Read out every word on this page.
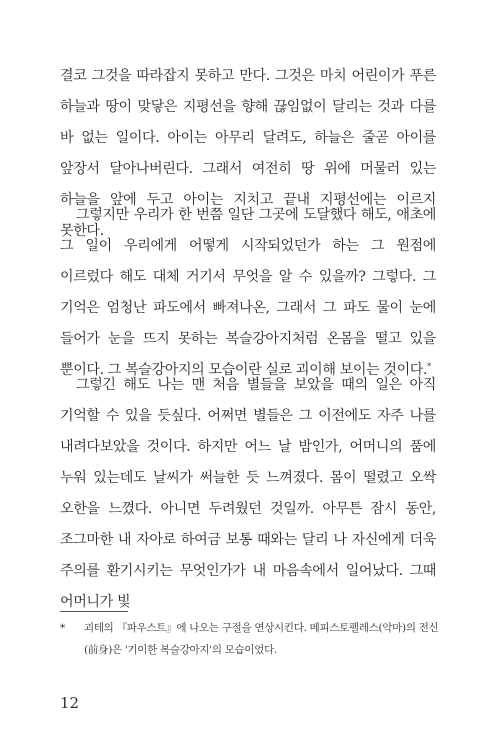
결코 그것을 따라잡지 못하고 만다. 그것은 마치 어린이가 푸른 하늘과 땅이 맞닿은 지평선을 향해 끊임없이 달리는 것과 다를 바 없는 일이다. 아이는 아무리 달려도, 하늘은 줄곧 아이를 앞장서 달아나버린다. 그래서 여전히 땅 위에 머물러 있는 하늘을 앞에 두고 아이는 지치고 끝내 지평선에는 이르지 못한다.

그렇지만 우리가 한 번쯤 일단 그곳에 도달했다 해도, 애초에 그 일이 우리에게 어떻게 시작되었던가 하는 그 원점에 이르렀다 해도 대체 거기서 무엇을 알 수 있을까? 그렇다. 그 기억은 엄청난 파도에서 빠져나온, 그래서 그 파도 물이 눈에 들어가 눈을 뜨지 못하는 복슬강아지처럼 온몸을 떨고 있을 뿐이다. 그 복슬강아지의 모습이란 실로 괴이해 보이는 것이다.*

그렇긴 해도 나는 맨 처음 별들을 보았을 때의 일은 아직 기억할 수 있을 듯싶다. 어쩌면 별들은 그 이전에도 자주 나를 내려다보았을 것이다. 하지만 어느 날 밤인가, 어머니의 품에 누워 있는데도 날씨가 써늘한 듯 느껴졌다. 몸이 떨렸고 오싹 오한을 느꼈다. 아니면 두려웠던 것일까. 아무튼 잠시 동안, 조그마한 내 자아로 하여금 보통 때와는 달리 나 자신에게 더욱 주의를 환기시키는 무엇인가가 내 마음속에서 일어났다. 그때 어머니가 빛

*	괴테의 『파우스트』에 나오는 구절을 연상시킨다. 메피스토펠레스(악마)의 전신(前身)은 '기이한 복슬강아지'의 모습이었다.
12
